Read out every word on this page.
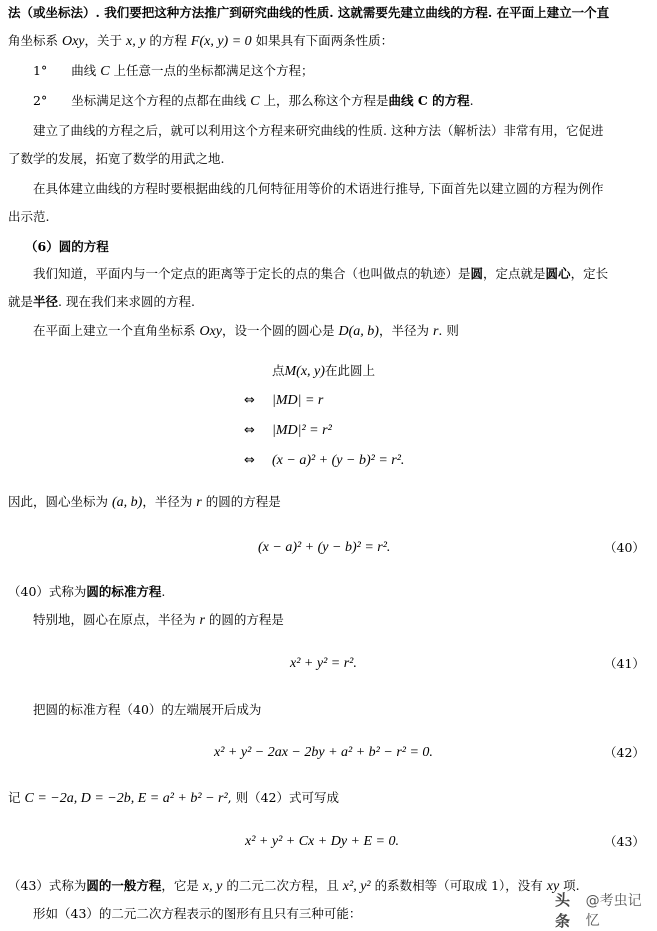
法（或坐标法）. 我们要把这种方法推广到研究曲线的性质. 这就需要先建立曲线的方程. 在平面上建立一个直
角坐标系 Oxy，关于 x, y 的方程 F(x, y) = 0 如果具有下面两条性质：
1° 曲线 C 上任意一点的坐标都满足这个方程；
2° 坐标满足这个方程的点都在曲线 C 上，那么称这个方程是曲线 C 的方程.
建立了曲线的方程之后，就可以利用这个方程来研究曲线的性质. 这种方法（解析法）非常有用，它促进
了数学的发展，拓宽了数学的用武之地.
在具体建立曲线的方程时要根据曲线的几何特征用等价的术语进行推导, 下面首先以建立圆的方程为例作
出示范.
（6）圆的方程
我们知道，平面内与一个定点的距离等于定长的点的集合（也叫做点的轨迹）是圆，定点就是圆心，定长
就是半径. 现在我们来求圆的方程.
在平面上建立一个直角坐标系 Oxy，设一个圆的圆心是 D(a, b)，半径为 r. 则
点M(x, y)在此圆上
⇔ |MD| = r
⇔ |MD|² = r²
⇔ (x − a)² + (y − b)² = r².
因此，圆心坐标为 (a, b)，半径为 r 的圆的方程是
(x − a)² + (y − b)² = r².	（40）
（40）式称为圆的标准方程.
特别地，圆心在原点，半径为 r 的圆的方程是
x² + y² = r².	（41）
把圆的标准方程（40）的左端展开后成为
x² + y² − 2ax − 2by + a² + b² − r² = 0.	（42）
记 C = −2a, D = −2b, E = a² + b² − r², 则（42）式可写成
x² + y² + Cx + Dy + E = 0.	（43）
（43）式称为圆的一般方程，它是 x, y 的二元二次方程，且 x², y² 的系数相等（可取成 1），没有 xy 项.
形如（43）的二元二次方程表示的图形有且只有三种可能：
头条
@考虫记忆
